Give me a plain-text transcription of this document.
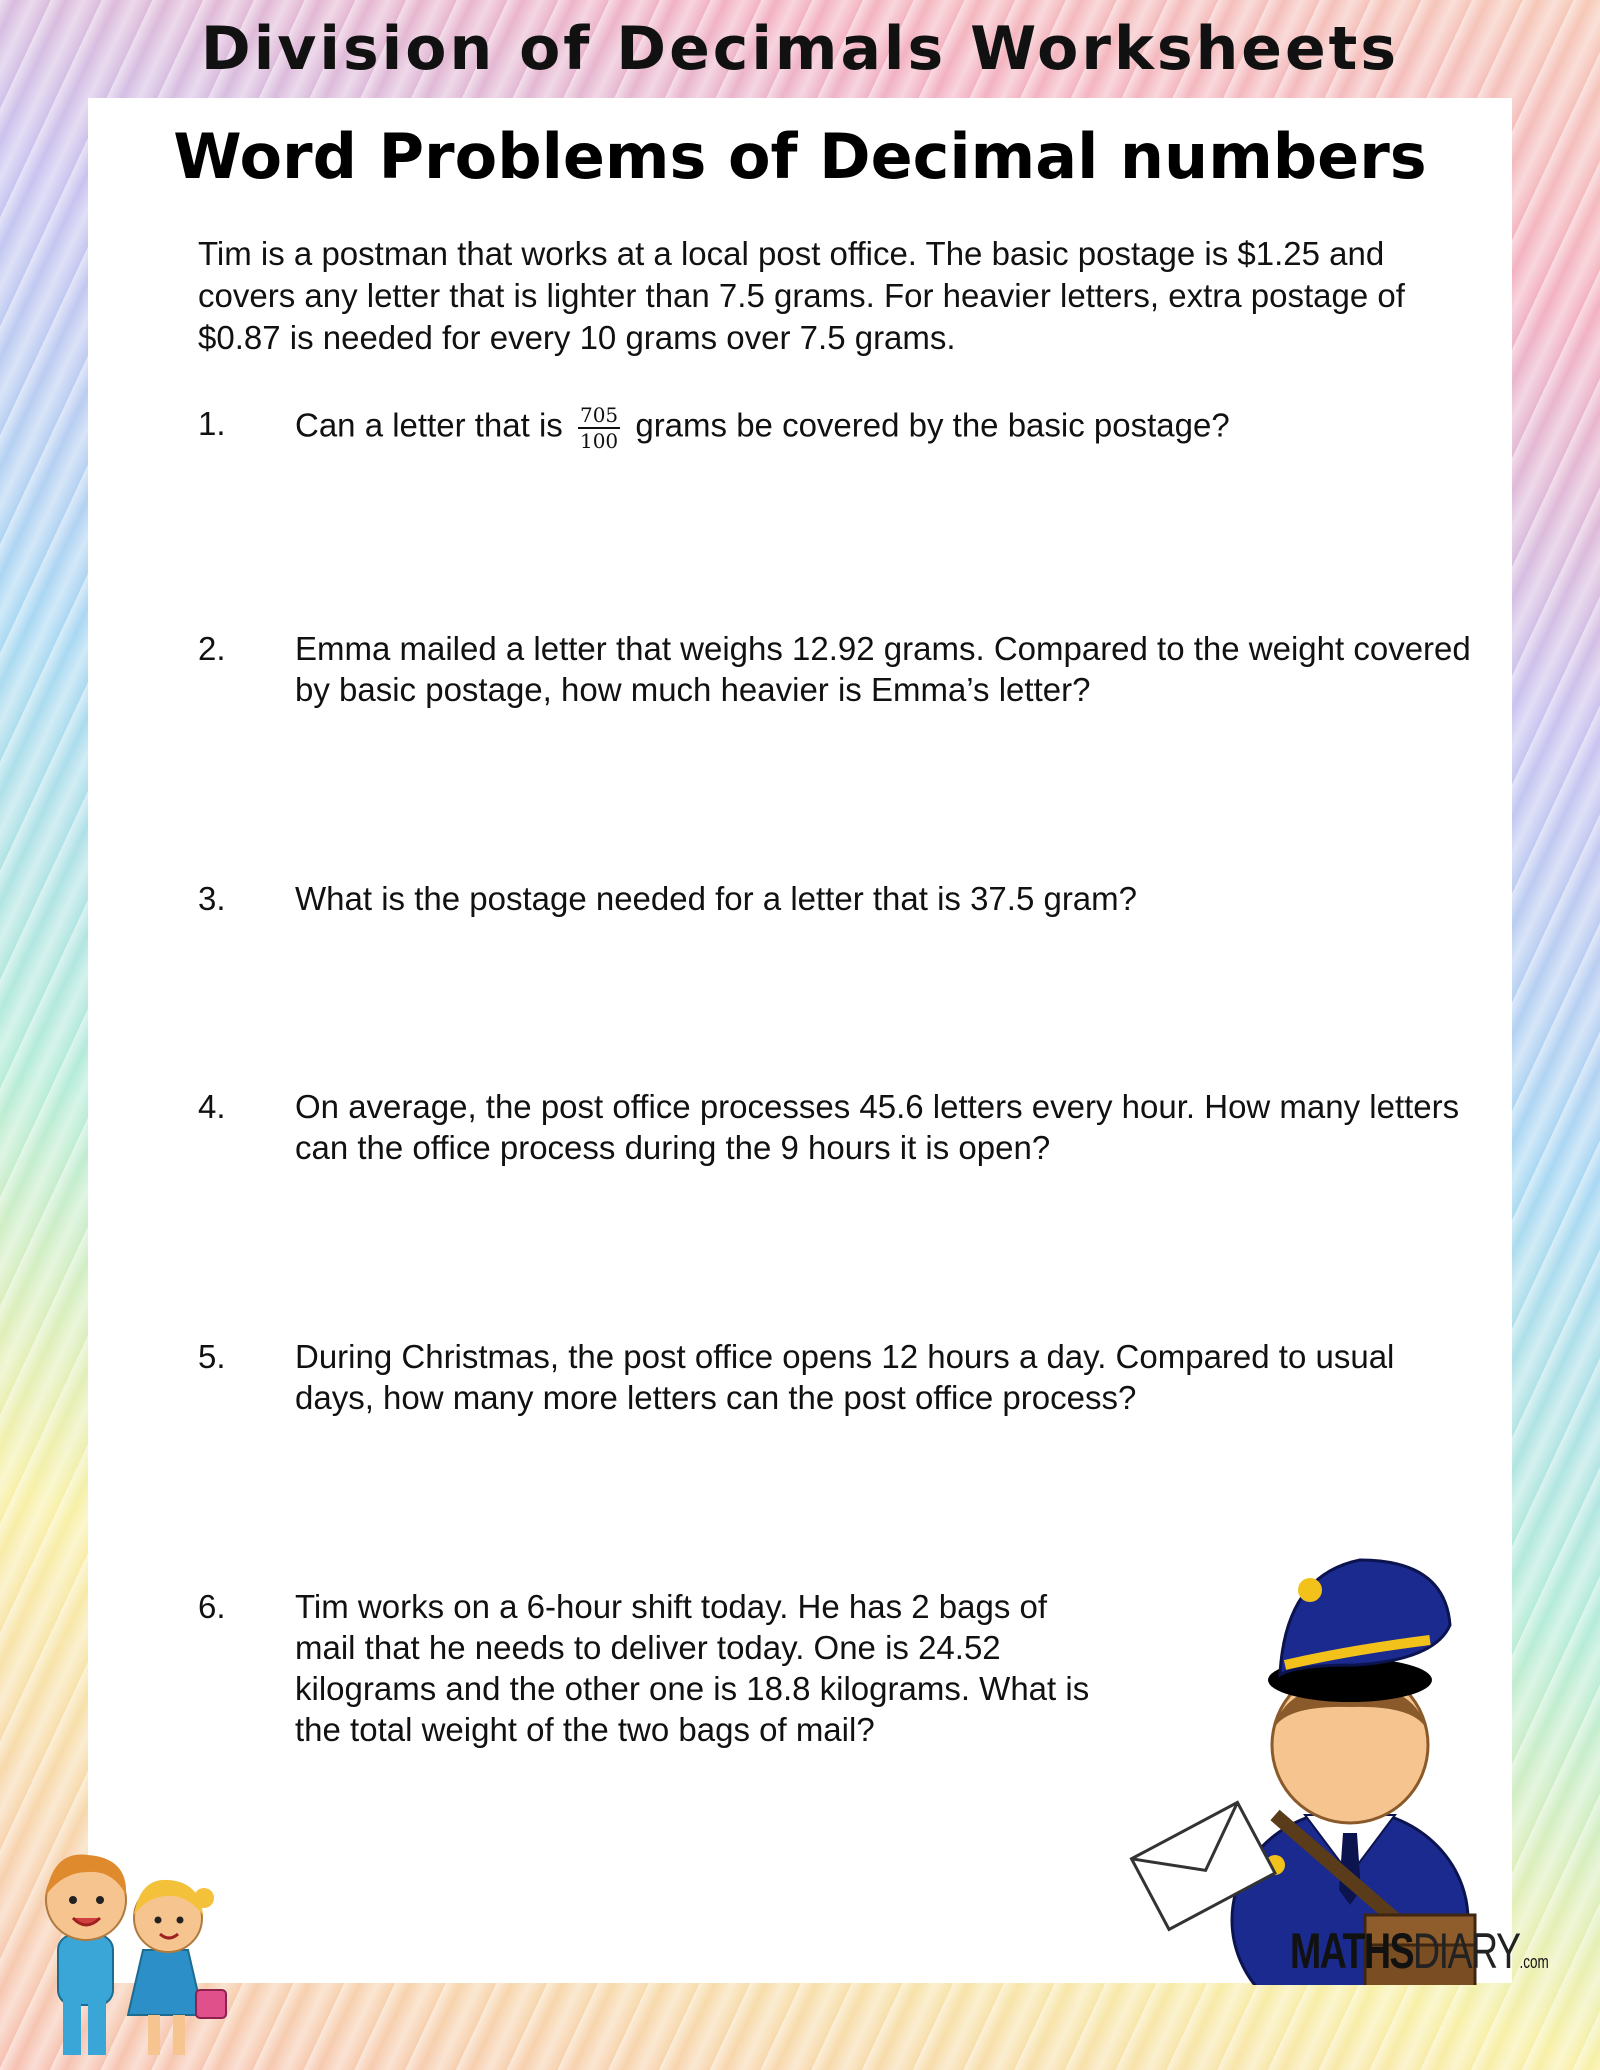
Division of Decimals Worksheets
Word Problems of Decimal numbers
Tim is a postman that works at a local post office. The basic postage is $1.25 and covers any letter that is lighter than 7.5 grams. For heavier letters, extra postage of $0.87 is needed for every 10 grams over 7.5 grams.
1. Can a letter that is $\frac{705}{100}$ grams be covered by the basic postage?
2. Emma mailed a letter that weighs 12.92 grams. Compared to the weight covered by basic postage, how much heavier is Emma’s letter?
3. What is the postage needed for a letter that is 37.5 gram?
4. On average, the post office processes 45.6 letters every hour. How many letters can the office process during the 9 hours it is open?
5. During Christmas, the post office opens 12 hours a day. Compared to usual days, how many more letters can the post office process?
6. Tim works on a 6-hour shift today. He has 2 bags of mail that he needs to deliver today. One is 24.52 kilograms and the other one is 18.8 kilograms. What is the total weight of the two bags of mail?
MATHSDIARY.com
